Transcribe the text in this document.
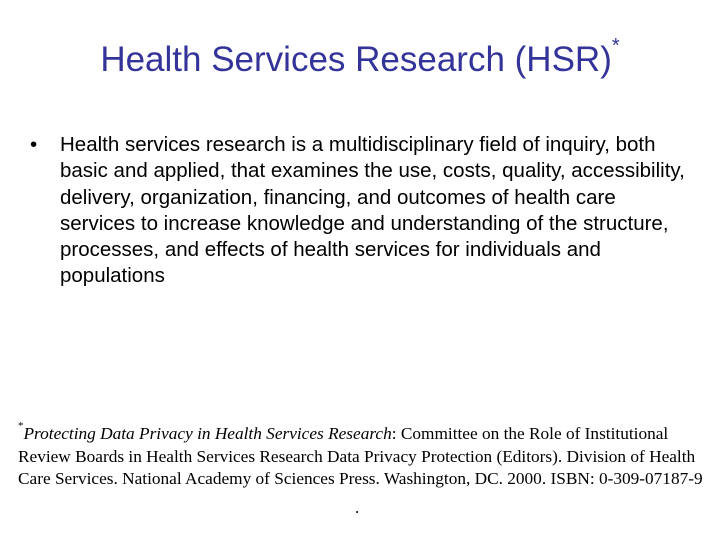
Health Services Research (HSR)*
•	Health services research is a multidisciplinary field of inquiry, both basic and applied, that examines the use, costs, quality, accessibility, delivery, organization, financing, and outcomes of health care services to increase knowledge and understanding of the structure, processes, and effects of health services for individuals and populations
*Protecting Data Privacy in Health Services Research: Committee on the Role of Institutional Review Boards in Health Services Research Data Privacy Protection (Editors). Division of Health Care Services. National Academy of Sciences Press. Washington, DC. 2000. ISBN: 0-309-07187-9
.
